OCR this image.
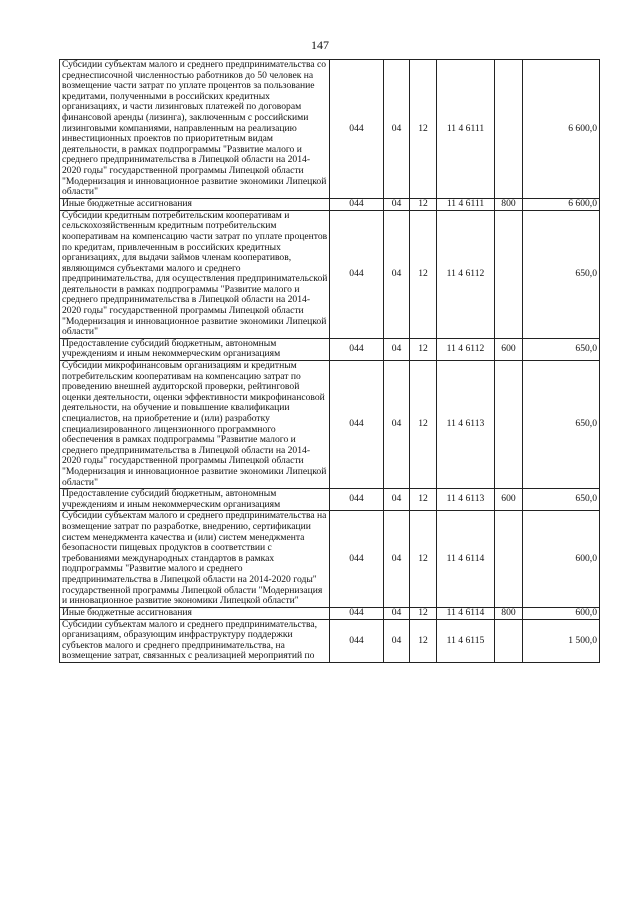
147
Субсидии субъектам малого и среднего предпринимательства со среднесписочной численностью работников до 50 человек на возмещение части затрат по уплате процентов за пользование кредитами, полученными в российских кредитных организациях, и части лизинговых платежей по договорам финансовой аренды (лизинга), заключенным с российскими лизинговыми компаниями, направленным на реализацию инвестиционных проектов по приоритетным видам деятельности, в рамках подпрограммы "Развитие малого и среднего предпринимательства в Липецкой области на 2014-2020 годы" государственной программы Липецкой области "Модернизация и инновационное развитие экономики Липецкой области"	044	04	12	11 4 6111		6 600,0
Иные бюджетные ассигнования	044	04	12	11 4 6111	800	6 600,0
Субсидии кредитным потребительским кооперативам и сельскохозяйственным кредитным потребительским кооперативам на компенсацию части затрат по уплате процентов по кредитам, привлеченным в российских кредитных организациях, для выдачи займов членам кооперативов, являющимся субъектами малого и среднего предпринимательства, для осуществления предпринимательской деятельности в рамках подпрограммы "Развитие малого и среднего предпринимательства в Липецкой области на 2014-2020 годы" государственной программы Липецкой области "Модернизация и инновационное развитие экономики Липецкой области"	044	04	12	11 4 6112		650,0
Предоставление субсидий бюджетным, автономным учреждениям и иным некоммерческим организациям	044	04	12	11 4 6112	600	650,0
Субсидии микрофинансовым организациям и кредитным потребительским кооперативам на компенсацию затрат по проведению внешней аудиторской проверки, рейтинговой оценки деятельности, оценки эффективности микрофинансовой деятельности, на обучение и повышение квалификации специалистов, на приобретение и (или) разработку специализированного лицензионного программного обеспечения в рамках подпрограммы "Развитие малого и среднего предпринимательства в Липецкой области на 2014-2020 годы" государственной программы Липецкой области "Модернизация и инновационное развитие экономики Липецкой области"	044	04	12	11 4 6113		650,0
Предоставление субсидий бюджетным, автономным учреждениям и иным некоммерческим организациям	044	04	12	11 4 6113	600	650,0
Субсидии субъектам малого и среднего предпринимательства на возмещение затрат по разработке, внедрению, сертификации систем менеджмента качества и (или) систем менеджмента безопасности пищевых продуктов в соответствии с требованиями международных стандартов в рамках подпрограммы "Развитие малого и среднего предпринимательства в Липецкой области на 2014-2020 годы" государственной программы Липецкой области "Модернизация и инновационное развитие экономики Липецкой области"	044	04	12	11 4 6114		600,0
Иные бюджетные ассигнования	044	04	12	11 4 6114	800	600,0
Субсидии субъектам малого и среднего предпринимательства, организациям, образующим инфраструктуру поддержки субъектов малого и среднего предпринимательства, на возмещение затрат, связанных с реализацией мероприятий по	044	04	12	11 4 6115		1 500,0
